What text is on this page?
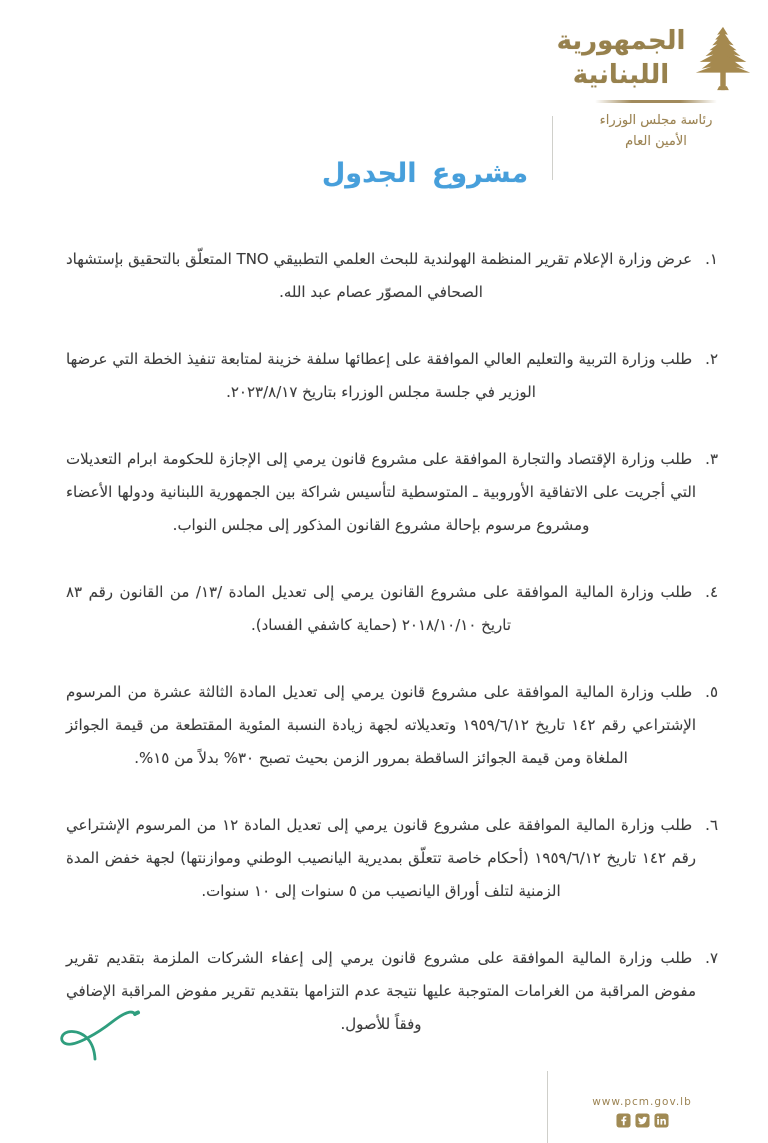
الجمهورية
اللبنانية
رئاسة مجلس الوزراء
الأمين العام
مشروع الجدول

١.عرض وزارة الإعلام تقرير المنظمة الهولندية للبحث العلمي التطبيقي TNO المتعلّق بالتحقيق بإستشهاد الصحافي المصوّر عصام عبد الله.

٢.طلب وزارة التربية والتعليم العالي الموافقة على إعطائها سلفة خزينة لمتابعة تنفيذ الخطة التي عرضها الوزير في جلسة مجلس الوزراء بتاريخ ٢٠٢٣/٨/١٧.

٣.طلب وزارة الإقتصاد والتجارة الموافقة على مشروع قانون يرمي إلى الإجازة للحكومة ابرام التعديلات التي أجريت على الاتفاقية الأوروبية ـ المتوسطية لتأسيس شراكة بين الجمهورية اللبنانية ودولها الأعضاء ومشروع مرسوم بإحالة مشروع القانون المذكور إلى مجلس النواب.

٤.طلب وزارة المالية الموافقة على مشروع القانون يرمي إلى تعديل المادة /١٣/ من القانون رقم ٨٣ تاريخ ٢٠١٨/١٠/١٠ (حماية كاشفي الفساد).

٥.طلب وزارة المالية الموافقة على مشروع قانون يرمي إلى تعديل المادة الثالثة عشرة من المرسوم الإشتراعي رقم ١٤٢ تاريخ ١٩٥٩/٦/١٢ وتعديلاته لجهة زيادة النسبة المئوية المقتطعة من قيمة الجوائز الملغاة ومن قيمة الجوائز الساقطة بمرور الزمن بحيث تصبح ٣٠% بدلاً من ١٥%.

٦.طلب وزارة المالية الموافقة على مشروع قانون يرمي إلى تعديل المادة ١٢ من المرسوم الإشتراعي رقم ١٤٢ تاريخ ١٩٥٩/٦/١٢ (أحكام خاصة تتعلّق بمديرية اليانصيب الوطني وموازنتها) لجهة خفض المدة الزمنية لتلف أوراق اليانصيب من ٥ سنوات إلى ١٠ سنوات.

٧.طلب وزارة المالية الموافقة على مشروع قانون يرمي إلى إعفاء الشركات الملزمة بتقديم تقرير مفوض المراقبة من الغرامات المتوجبة عليها نتيجة عدم التزامها بتقديم تقرير مفوض المراقبة الإضافي وفقاً للأصول.

www.pcm.gov.lb
